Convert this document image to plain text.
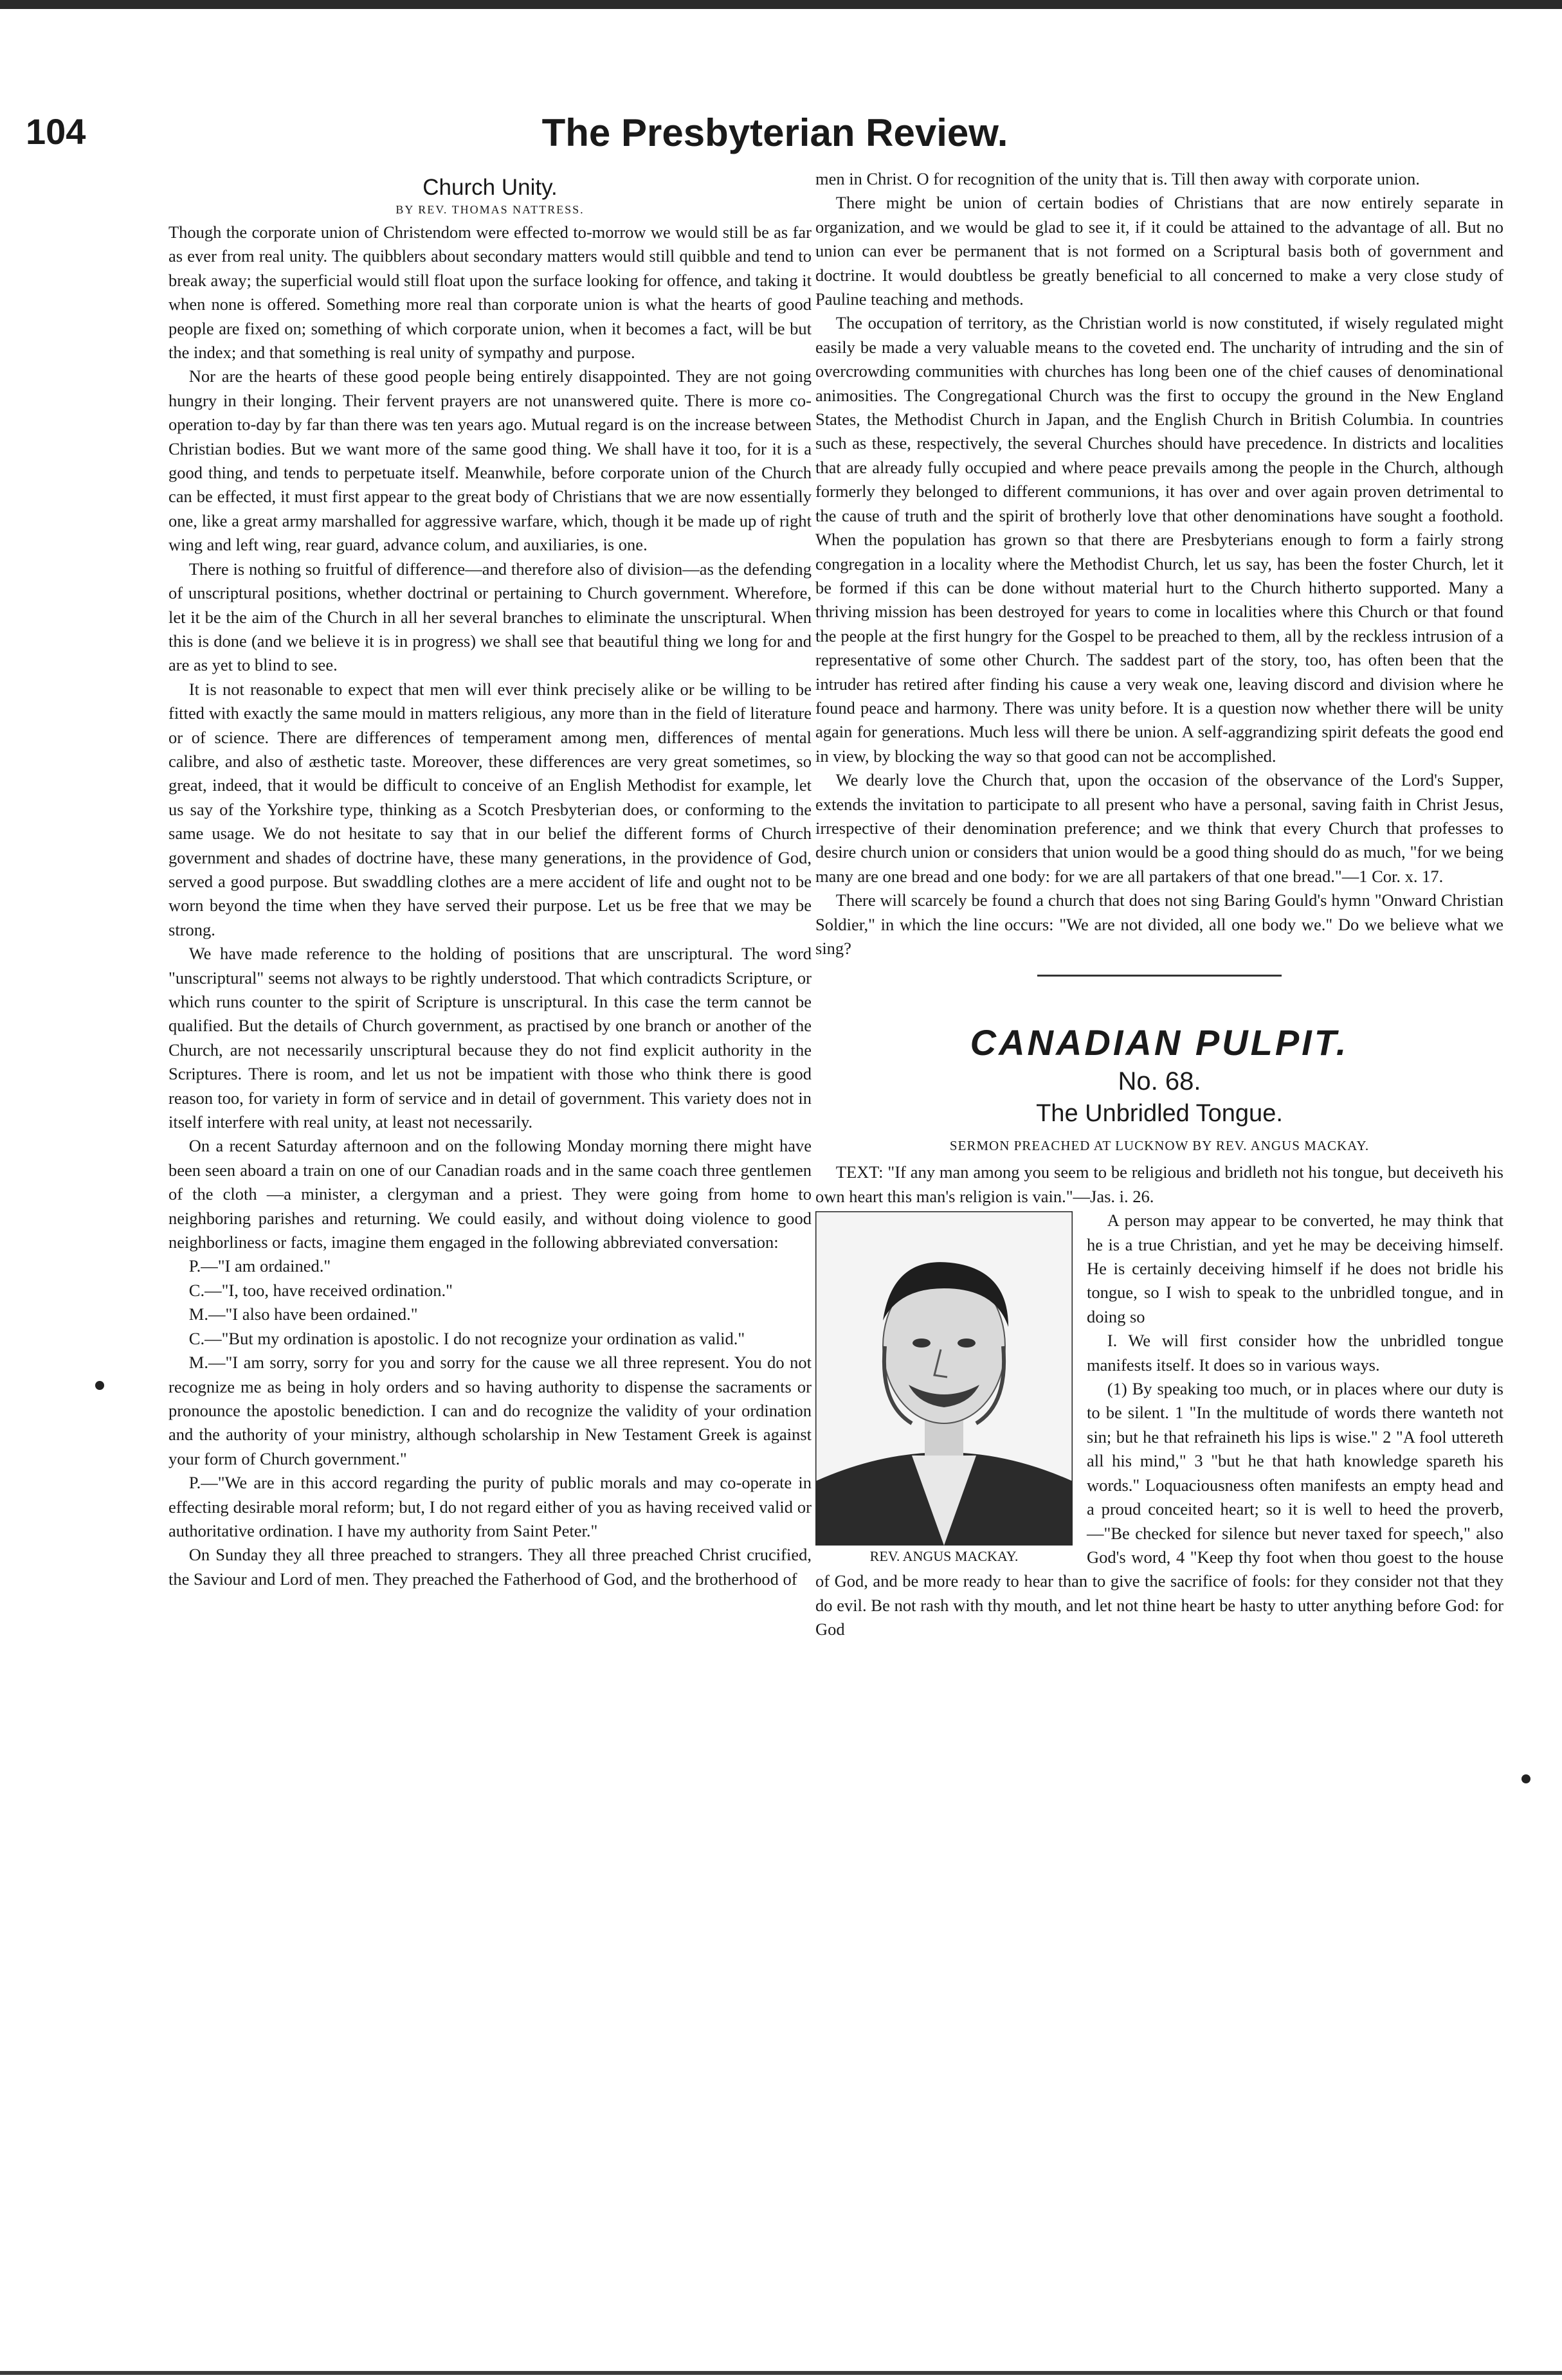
104	The Presbyterian Review.
Church Unity.
BY REV. THOMAS NATTRESS.

Though the corporate union of Christendom were effected to-morrow we would still be as far as ever from real unity. The quibblers about secondary matters would still quibble and tend to break away; the superficial would still float upon the surface looking for offence, and taking it when none is offered. Something more real than corporate union is what the hearts of good people are fixed on; something of which corporate union, when it becomes a fact, will be but the index; and that something is real unity of sympathy and purpose.

Nor are the hearts of these good people being entirely disappointed. They are not going hungry in their longing. Their fervent prayers are not unanswered quite. There is more co-operation to-day by far than there was ten years ago. Mutual regard is on the increase between Christian bodies. But we want more of the same good thing. We shall have it too, for it is a good thing, and tends to perpetuate itself. Meanwhile, before corporate union of the Church can be effected, it must first appear to the great body of Christians that we are now essentially one, like a great army marshalled for aggressive warfare, which, though it be made up of right wing and left wing, rear guard, advance colum, and auxiliaries, is one.

There is nothing so fruitful of difference—and therefore also of division—as the defending of unscriptural positions, whether doctrinal or pertaining to Church government. Wherefore, let it be the aim of the Church in all her several branches to eliminate the unscriptural. When this is done (and we believe it is in progress) we shall see that beautiful thing we long for and are as yet to blind to see.

It is not reasonable to expect that men will ever think precisely alike or be willing to be fitted with exactly the same mould in matters religious, any more than in the field of literature or of science. There are differences of temperament among men, differences of mental calibre, and also of æsthetic taste. Moreover, these differences are very great sometimes, so great, indeed, that it would be difficult to conceive of an English Methodist for example, let us say of the Yorkshire type, thinking as a Scotch Presbyterian does, or conforming to the same usage. We do not hesitate to say that in our belief the different forms of Church government and shades of doctrine have, these many generations, in the providence of God, served a good purpose. But swaddling clothes are a mere accident of life and ought not to be worn beyond the time when they have served their purpose. Let us be free that we may be strong.

We have made reference to the holding of positions that are unscriptural. The word "unscriptural" seems not always to be rightly understood. That which contradicts Scripture, or which runs counter to the spirit of Scripture is unscriptural. In this case the term cannot be qualified. But the details of Church government, as practised by one branch or another of the Church, are not necessarily unscriptural because they do not find explicit authority in the Scriptures. There is room, and let us not be impatient with those who think there is good reason too, for variety in form of service and in detail of government. This variety does not in itself interfere with real unity, at least not necessarily.

On a recent Saturday afternoon and on the following Monday morning there might have been seen aboard a train on one of our Canadian roads and in the same coach three gentlemen of the cloth —a minister, a clergyman and a priest. They were going from home to neighboring parishes and returning. We could easily, and without doing violence to good neighborliness or facts, imagine them engaged in the following abbreviated conversation:

P.—"I am ordained."

C.—"I, too, have received ordination."

M.—"I also have been ordained."

C.—"But my ordination is apostolic. I do not recognize your ordination as valid."

M.—"I am sorry, sorry for you and sorry for the cause we all three represent. You do not recognize me as being in holy orders and so having authority to dispense the sacraments or pronounce the apostolic benediction. I can and do recognize the validity of your ordination and the authority of your ministry, although scholarship in New Testament Greek is against your form of Church government."

P.—"We are in this accord regarding the purity of public morals and may co-operate in effecting desirable moral reform; but, I do not regard either of you as having received valid or authoritative ordination. I have my authority from Saint Peter."

On Sunday they all three preached to strangers. They all three preached Christ crucified, the Saviour and Lord of men. They preached the Fatherhood of God, and the brotherhood of

men in Christ. O for recognition of the unity that is. Till then away with corporate union.

There might be union of certain bodies of Christians that are now entirely separate in organization, and we would be glad to see it, if it could be attained to the advantage of all. But no union can ever be permanent that is not formed on a Scriptural basis both of government and doctrine. It would doubtless be greatly beneficial to all concerned to make a very close study of Pauline teaching and methods.

The occupation of territory, as the Christian world is now constituted, if wisely regulated might easily be made a very valuable means to the coveted end. The uncharity of intruding and the sin of overcrowding communities with churches has long been one of the chief causes of denominational animosities. The Congregational Church was the first to occupy the ground in the New England States, the Methodist Church in Japan, and the English Church in British Columbia. In countries such as these, respectively, the several Churches should have precedence. In districts and localities that are already fully occupied and where peace prevails among the people in the Church, although formerly they belonged to different communions, it has over and over again proven detrimental to the cause of truth and the spirit of brotherly love that other denominations have sought a foothold. When the population has grown so that there are Presbyterians enough to form a fairly strong congregation in a locality where the Methodist Church, let us say, has been the foster Church, let it be formed if this can be done without material hurt to the Church hitherto supported. Many a thriving mission has been destroyed for years to come in localities where this Church or that found the people at the first hungry for the Gospel to be preached to them, all by the reckless intrusion of a representative of some other Church. The saddest part of the story, too, has often been that the intruder has retired after finding his cause a very weak one, leaving discord and division where he found peace and harmony. There was unity before. It is a question now whether there will be unity again for generations. Much less will there be union. A self-aggrandizing spirit defeats the good end in view, by blocking the way so that good can not be accomplished.

We dearly love the Church that, upon the occasion of the observance of the Lord's Supper, extends the invitation to participate to all present who have a personal, saving faith in Christ Jesus, irrespective of their denomination preference; and we think that every Church that professes to desire church union or considers that union would be a good thing should do as much, "for we being many are one bread and one body: for we are all partakers of that one bread."—1 Cor. x. 17.

There will scarcely be found a church that does not sing Baring Gould's hymn "Onward Christian Soldier," in which the line occurs: "We are not divided, all one body we." Do we believe what we sing?

CANADIAN PULPIT.
No. 68.
The Unbridled Tongue.
SERMON PREACHED AT LUCKNOW BY REV. ANGUS MACKAY.

TEXT: "If any man among you seem to be religious and bridleth not his tongue, but deceiveth his own heart this man's religion is vain."—Jas. i. 26.

REV. ANGUS MACKAY.

A person may appear to be converted, he may think that he is a true Christian, and yet he may be deceiving himself. He is certainly deceiving himself if he does not bridle his tongue, so I wish to speak to the unbridled tongue, and in doing so

I. We will first consider how the unbridled tongue manifests itself. It does so in various ways.

(1) By speaking too much, or in places where our duty is to be silent. 1 "In the multitude of words there wanteth not sin; but he that refraineth his lips is wise." 2 "A fool uttereth all his mind," 3 "but he that hath knowledge spareth his words." Loquaciousness often manifests an empty head and a proud conceited heart; so it is well to heed the proverb,—"Be checked for silence but never taxed for speech," also God's word, 4 "Keep thy foot when thou goest to the house of God, and be more ready to hear than to give the sacrifice of fools: for they consider not that they do evil. Be not rash with thy mouth, and let not thine heart be hasty to utter anything before God: for God
